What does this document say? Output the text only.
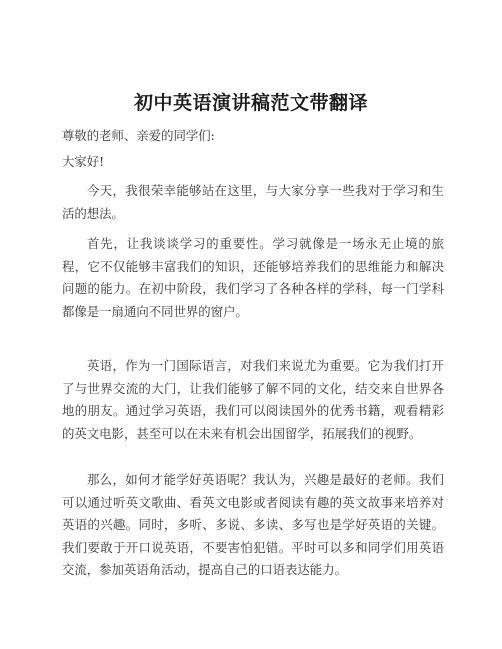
初中英语演讲稿范文带翻译

尊敬的老师、亲爱的同学们:

大家好!

今天，我很荣幸能够站在这里，与大家分享一些我对于学习和生活的想法。

首先，让我谈谈学习的重要性。学习就像是一场永无止境的旅程，它不仅能够丰富我们的知识，还能够培养我们的思维能力和解决问题的能力。在初中阶段，我们学习了各种各样的学科，每一门学科都像是一扇通向不同世界的窗户。

英语，作为一门国际语言，对我们来说尤为重要。它为我们打开了与世界交流的大门，让我们能够了解不同的文化，结交来自世界各地的朋友。通过学习英语，我们可以阅读国外的优秀书籍，观看精彩的英文电影，甚至可以在未来有机会出国留学，拓展我们的视野。

那么，如何才能学好英语呢？我认为，兴趣是最好的老师。我们可以通过听英文歌曲、看英文电影或者阅读有趣的英文故事来培养对英语的兴趣。同时，多听、多说、多读、多写也是学好英语的关键。我们要敢于开口说英语，不要害怕犯错。平时可以多和同学们用英语交流，参加英语角活动，提高自己的口语表达能力。
